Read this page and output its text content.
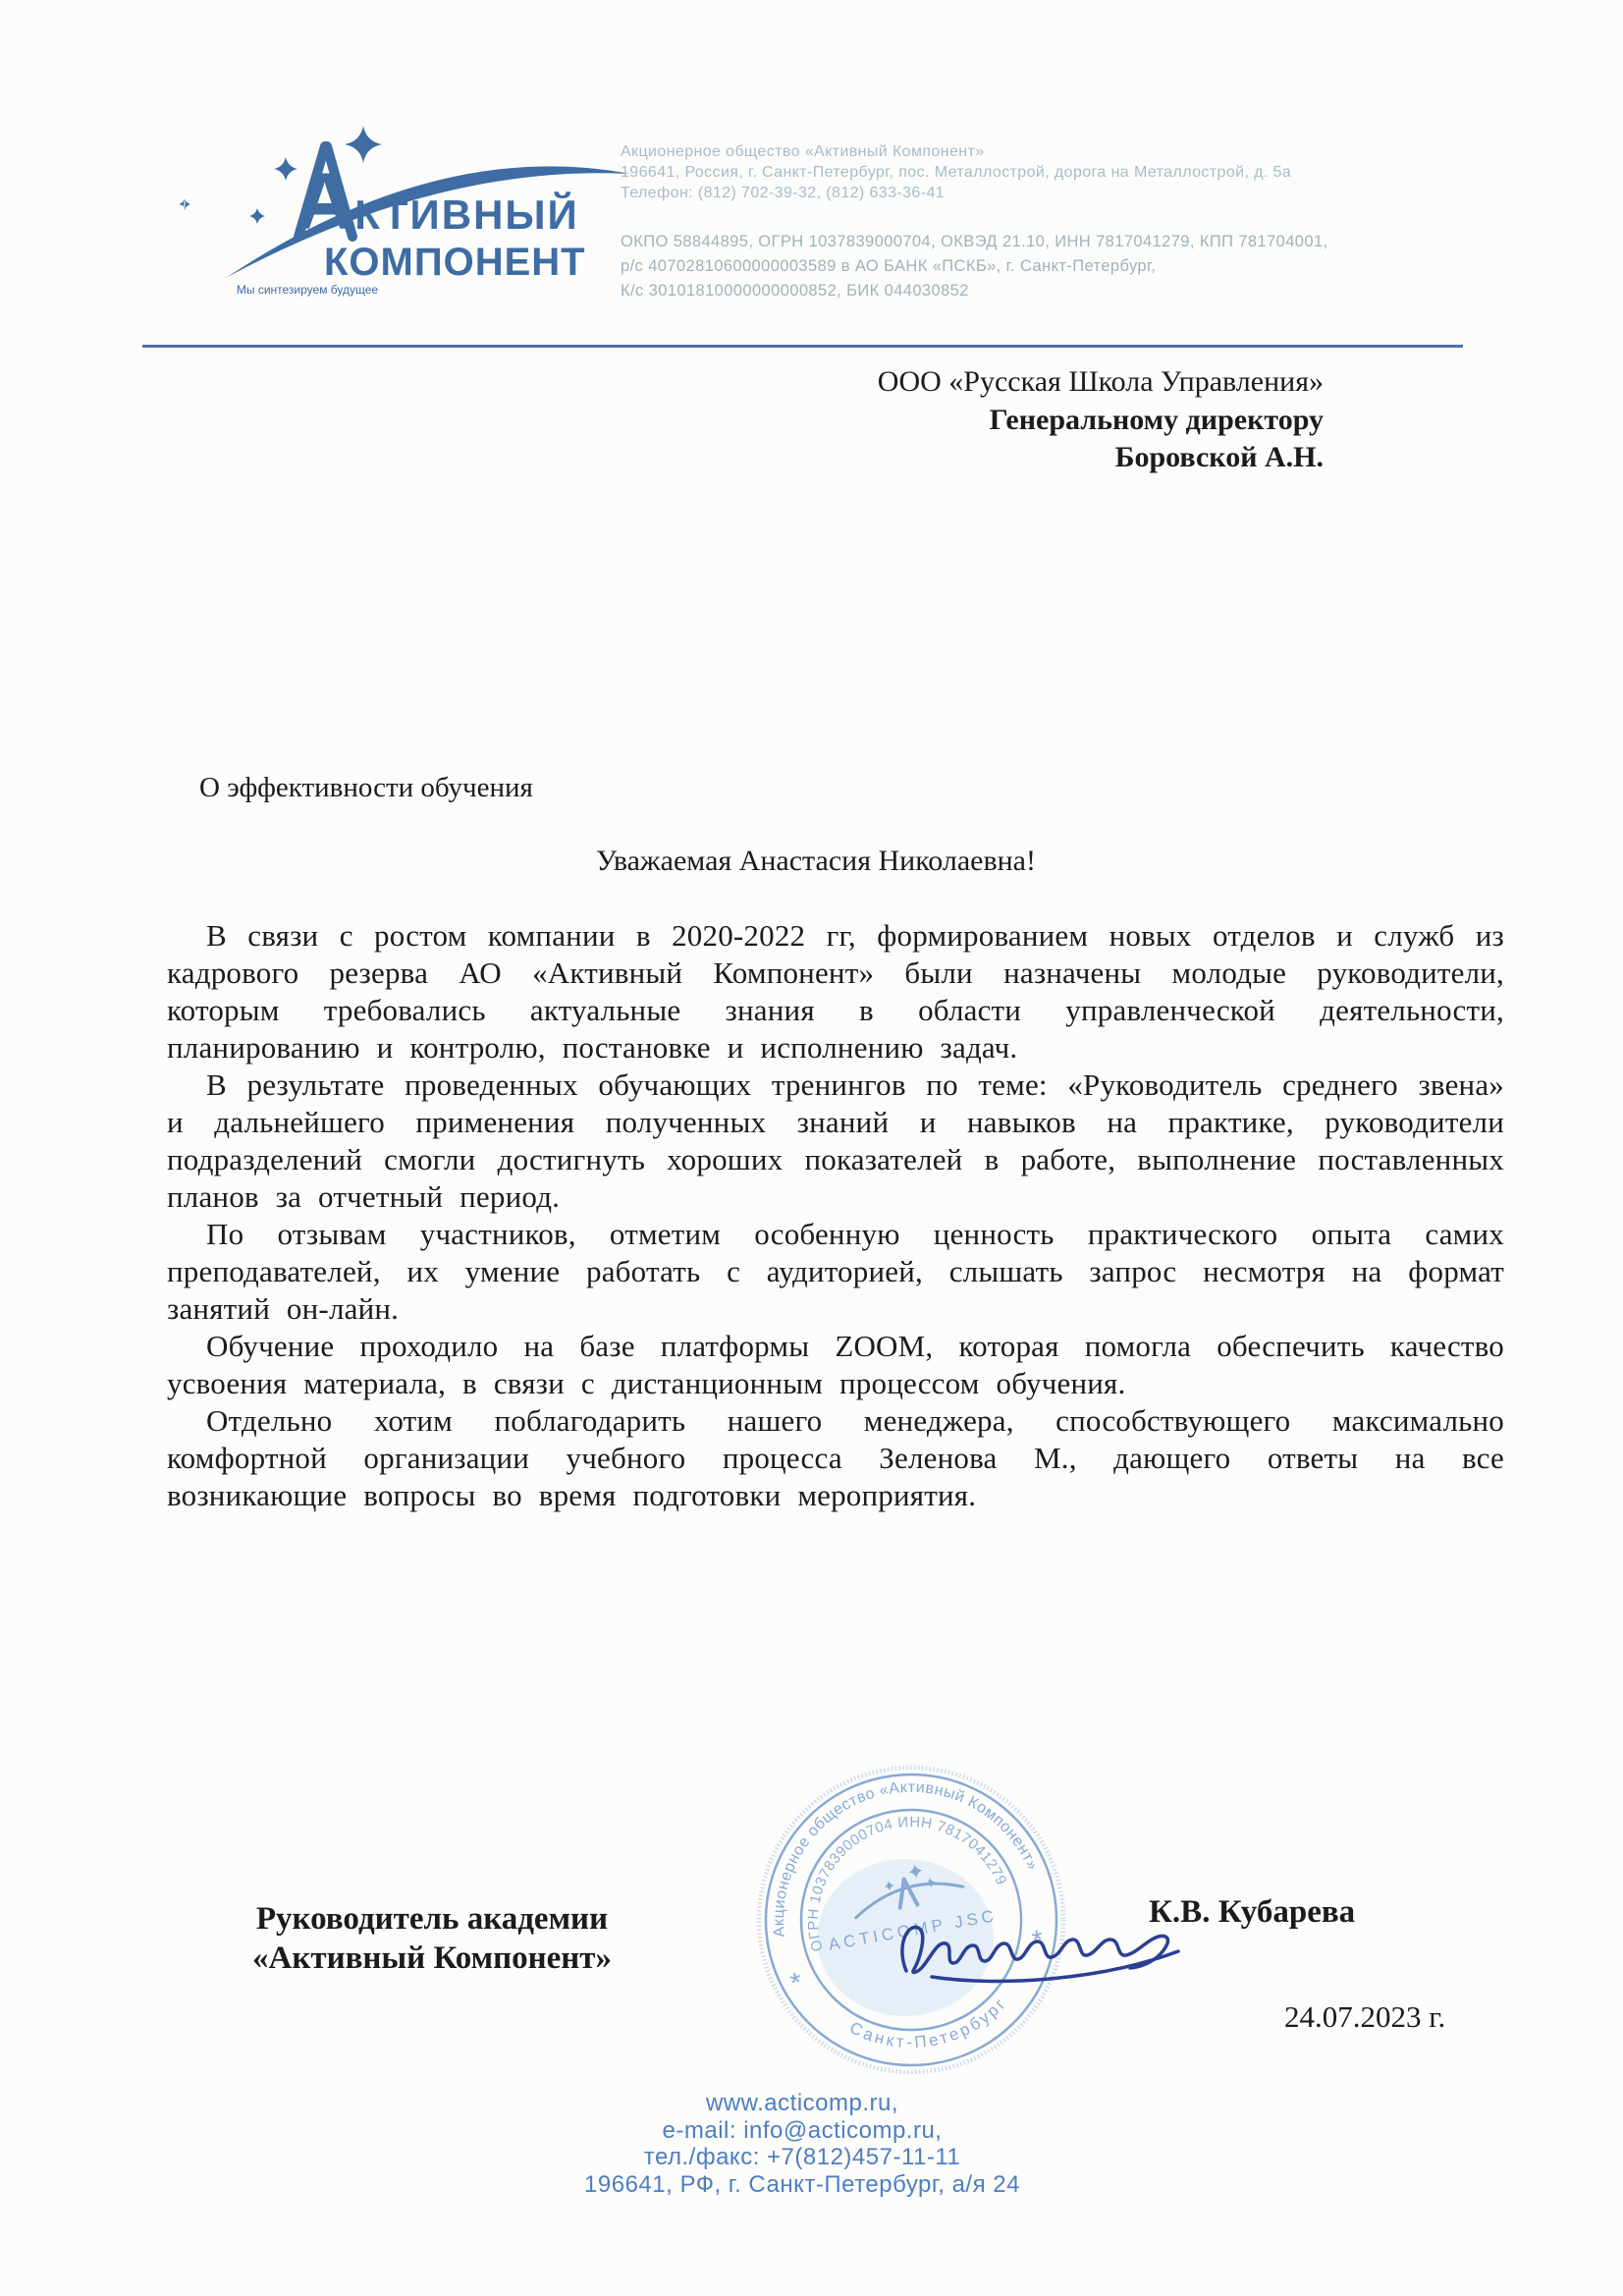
АКТИВНЫЙ
КОМПОНЕНТ
Мы синтезируем будущее
Акционерное общество «Активный Компонент»
196641, Россия, г. Санкт-Петербург, пос. Металлострой, дорога на Металлострой, д. 5а
Телефон: (812) 702-39-32, (812) 633-36-41
ОКПО 58844895, ОГРН 1037839000704, ОКВЭД 21.10, ИНН 7817041279, КПП 781704001,
р/с 40702810600000003589 в АО БАНК «ПСКБ», г. Санкт-Петербург,
К/с 30101810000000000852, БИК 044030852
ООО «Русская Школа Управления»
Генеральному директору
Боровской А.Н.
О эффективности обучения
Уважаемая Анастасия Николаевна!

В связи с ростом компании в 2020-2022 гг, формированием новых отделов и служб из кадрового резерва АО «Активный Компонент» были назначены молодые руководители, которым требовались актуальные знания в области управленческой деятельности, планированию и контролю, постановке и исполнению задач.

В результате проведенных обучающих тренингов по теме: «Руководитель среднего звена» и дальнейшего применения полученных знаний и навыков на практике, руководители подразделений смогли достигнуть хороших показателей в работе, выполнение поставленных планов за отчетный период.

По отзывам участников, отметим особенную ценность практического опыта самих преподавателей, их умение работать с аудиторией, слышать запрос несмотря на формат занятий он-лайн.

Обучение проходило на базе платформы ZOOM, которая помогла обеспечить качество усвоения материала, в связи с дистанционным процессом обучения.

Отдельно хотим поблагодарить нашего менеджера, способствующего максимально комфортной организации учебного процесса Зеленова М., дающего ответы на все возникающие вопросы во время подготовки мероприятия.

Руководитель академии
«Активный Компонент»
Акционерное общество «Активный Компонент»
Санкт-Петербург
ОГРН 1037839000704 ИНН 7817041279
*
*
ACTICOMP JSC	К.В. Кубарева
24.07.2023 г.
www.acticomp.ru,
e-mail: info@acticomp.ru,
тел./факс: +7(812)457-11-11
196641, РФ, г. Санкт-Петербург, а/я 24
